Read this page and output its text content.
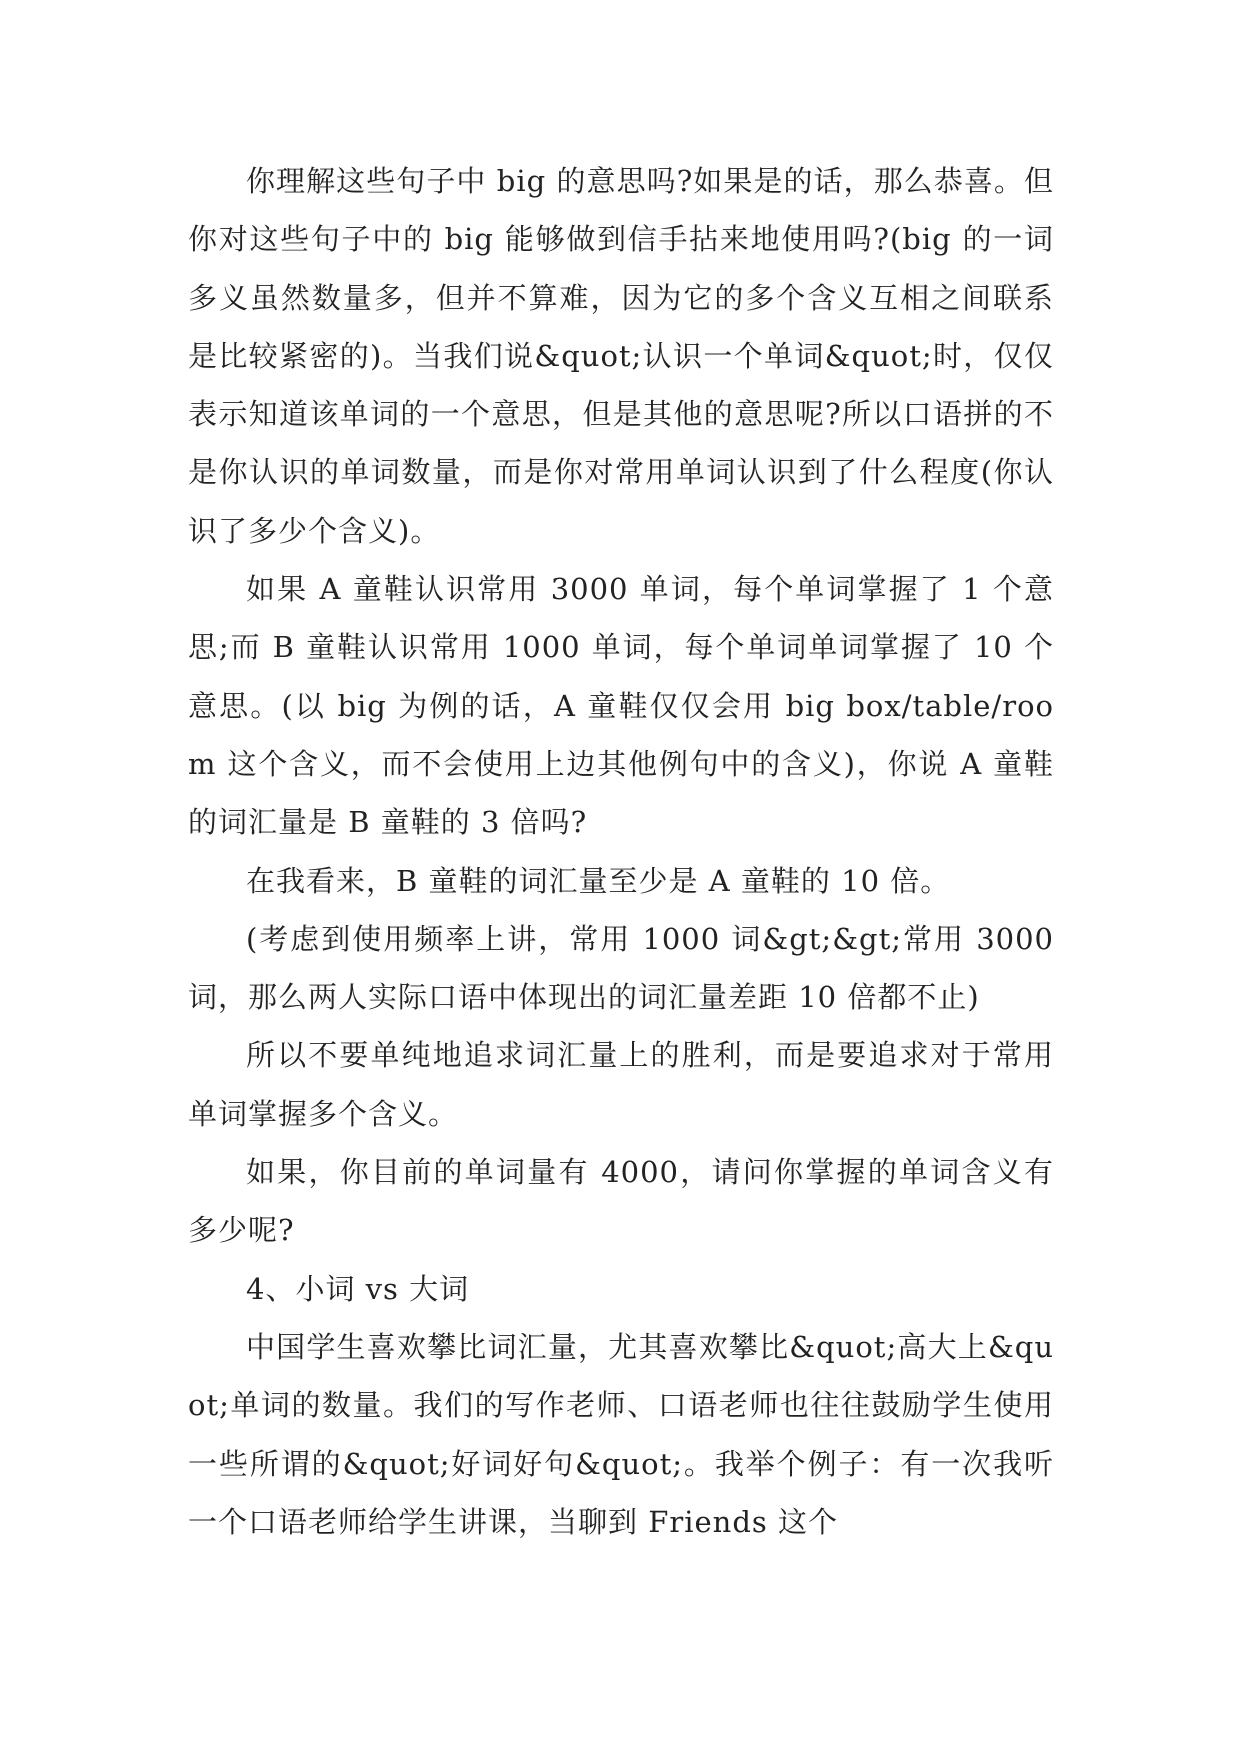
你理解这些句子中 big 的意思吗?如果是的话，那么恭喜。但你对这些句子中的 big 能够做到信手拈来地使用吗?(big 的一词多义虽然数量多，但并不算难，因为它的多个含义互相之间联系是比较紧密的)。当我们说&quot;认识一个单词&quot;时，仅仅表示知道该单词的一个意思，但是其他的意思呢?所以口语拼的不是你认识的单词数量，而是你对常用单词认识到了什么程度(你认识了多少个含义)。

如果 A 童鞋认识常用 3000 单词，每个单词掌握了 1 个意思;而 B 童鞋认识常用 1000 单词，每个单词单词掌握了 10 个意思。(以 big 为例的话，A 童鞋仅仅会用 big box/table/room 这个含义，而不会使用上边其他例句中的含义)，你说 A 童鞋的词汇量是 B 童鞋的 3 倍吗?

在我看来，B 童鞋的词汇量至少是 A 童鞋的 10 倍。

(考虑到使用频率上讲，常用 1000 词&gt;&gt;常用 3000 词，那么两人实际口语中体现出的词汇量差距 10 倍都不止)

所以不要单纯地追求词汇量上的胜利，而是要追求对于常用单词掌握多个含义。

如果，你目前的单词量有 4000，请问你掌握的单词含义有多少呢?

4、小词 vs 大词

中国学生喜欢攀比词汇量，尤其喜欢攀比&quot;高大上&quot;单词的数量。我们的写作老师、口语老师也往往鼓励学生使用一些所谓的&quot;好词好句&quot;。我举个例子：有一次我听一个口语老师给学生讲课，当聊到 Friends 这个
